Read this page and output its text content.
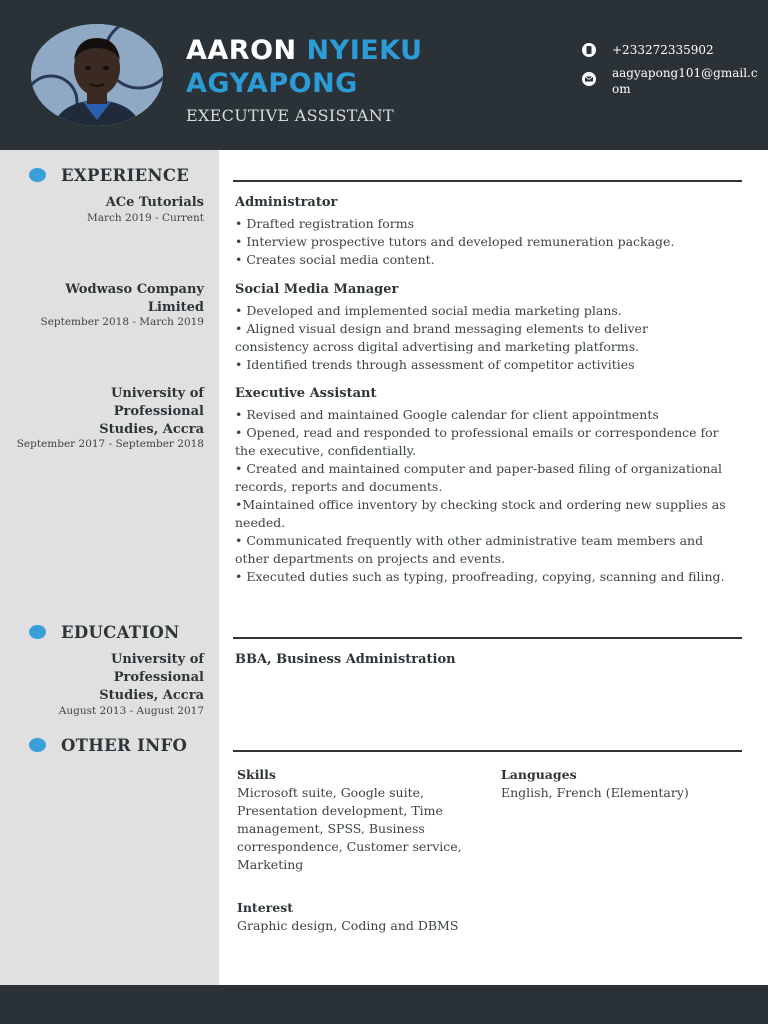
AARON NYIEKU
AGYAPONG
EXECUTIVE ASSISTANT
+233272335902
aagyapong101@gmail.com
EXPERIENCE
ACe Tutorials
March 2019 - Current
Administrator
• Drafted registration forms
• Interview prospective tutors and developed remuneration package.
• Creates social media content.
Wodwaso Company Limited
September 2018 - March 2019
Social Media Manager
• Developed and implemented social media marketing plans.
• Aligned visual design and brand messaging elements to deliver consistency across digital advertising and marketing platforms.
• Identified trends through assessment of competitor activities
University of Professional Studies, Accra
September 2017 - September 2018
Executive Assistant
• Revised and maintained Google calendar for client appointments
• Opened, read and responded to professional emails or correspondence for the executive, confidentially.
• Created and maintained computer and paper-based filing of organizational records, reports and documents.
•Maintained office inventory by checking stock and ordering new supplies as needed.
• Communicated frequently with other administrative team members and other departments on projects and events.
• Executed duties such as typing, proofreading, copying, scanning and filing.
EDUCATION
University of Professional Studies, Accra
August 2013 - August 2017
BBA, Business Administration
OTHER INFO
Skills
Microsoft suite, Google suite, Presentation development, Time management, SPSS, Business correspondence, Customer service, Marketing
Languages
English, French (Elementary)
Interest
Graphic design, Coding and DBMS
